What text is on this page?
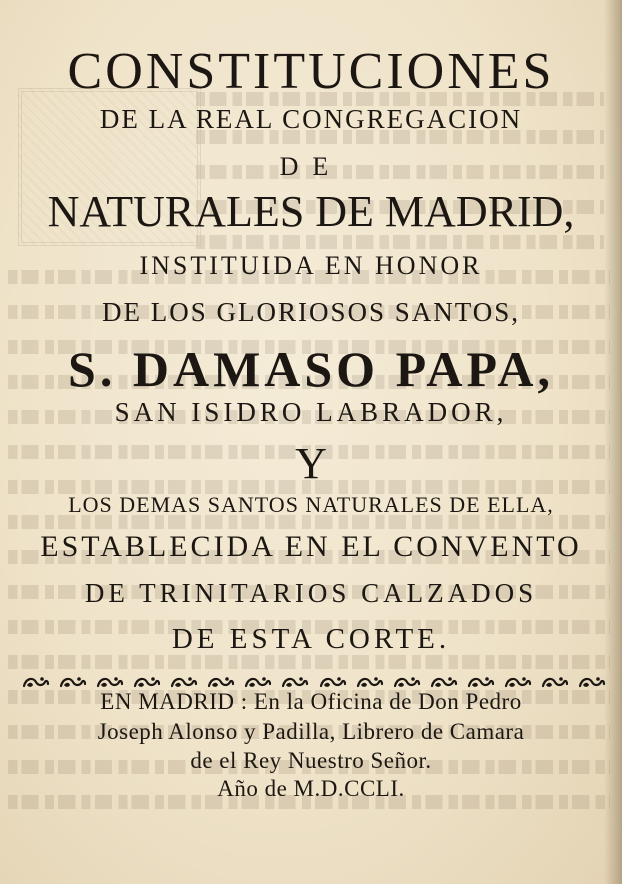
CONSTITUCIONES
DE LA REAL CONGREGACION
DE
NATURALES DE MADRID,
INSTITUIDA EN HONOR
DE LOS GLORIOSOS SANTOS,
S. DAMASO PAPA,
SAN ISIDRO LABRADOR,
Y
LOS DEMAS SANTOS NATURALES DE ELLA,
ESTABLECIDA EN EL CONVENTO
DE TRINITARIOS CALZADOS
DE ESTA CORTE.
EN MADRID : En la Oficina de Don Pedro
Joseph Alonso y Padilla, Librero de Camara
de el Rey Nuestro Señor.
Año de M.D.CCLI.
